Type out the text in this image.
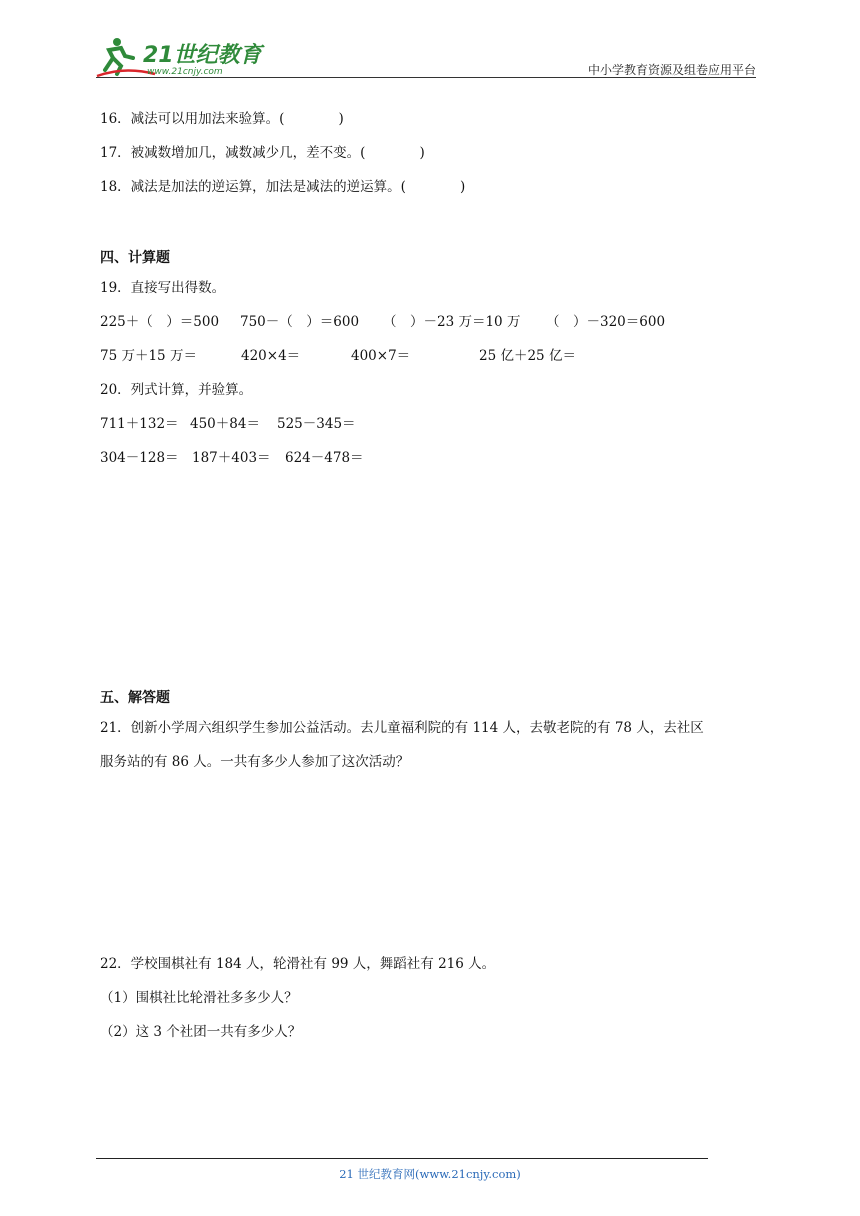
21世纪教育
www.21cnjy.com	中小学教育资源及组卷应用平台
16．减法可以用加法来验算。(　　　　)
17．被减数增加几，减数减少几，差不变。(　　　　)
18．减法是加法的逆运算，加法是减法的逆运算。(　　　　)
四、计算题
19．直接写出得数。
225＋（　）＝500 750－（　）＝600 （　）－23 万＝10 万 （　）－320＝600
75 万＋15 万＝	420×4＝	400×7＝	25 亿＋25 亿＝
20．列式计算，并验算。
711＋132＝ 450＋84＝ 525－345＝
304－128＝ 187＋403＝ 624－478＝
五、解答题
21．创新小学周六组织学生参加公益活动。去儿童福利院的有 114 人，去敬老院的有 78 人，去社区
服务站的有 86 人。一共有多少人参加了这次活动？
22．学校围棋社有 184 人，轮滑社有 99 人，舞蹈社有 216 人。
（1）围棋社比轮滑社多多少人？
（2）这 3 个社团一共有多少人？
21 世纪教育网(www.21cnjy.com)
